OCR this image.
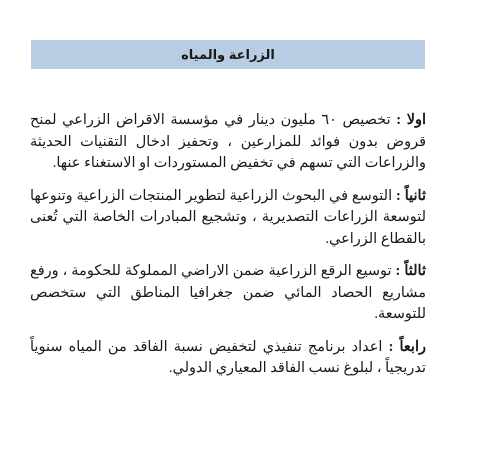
الزراعة والمياه

اولا : تخصيص ٦٠ مليون دينار في مؤسسة الاقراض الزراعي لمنح قروض بدون فوائد للمزارعين ، وتحفيز ادخال التقنيات الحديثة والزراعات التي تسهم في تخفيض المستوردات او الاستغناء عنها.

ثانياً : التوسع في البحوث الزراعية لتطوير المنتجات الزراعية وتنوعها لتوسعة الزراعات التصديرية ، وتشجيع المبادرات الخاصة التي تُعنى بالقطاع الزراعي.

ثالثاً : توسيع الرقع الزراعية ضمن الاراضي المملوكة للحكومة ، ورفع مشاريع الحصاد المائي ضمن جغرافيا المناطق التي ستخصص للتوسعة.

رابعاً : اعداد برنامج تنفيذي لتخفيض نسبة الفاقد من المياه سنوياً تدريجياً ، لبلوغ نسب الفاقد المعياري الدولي.
